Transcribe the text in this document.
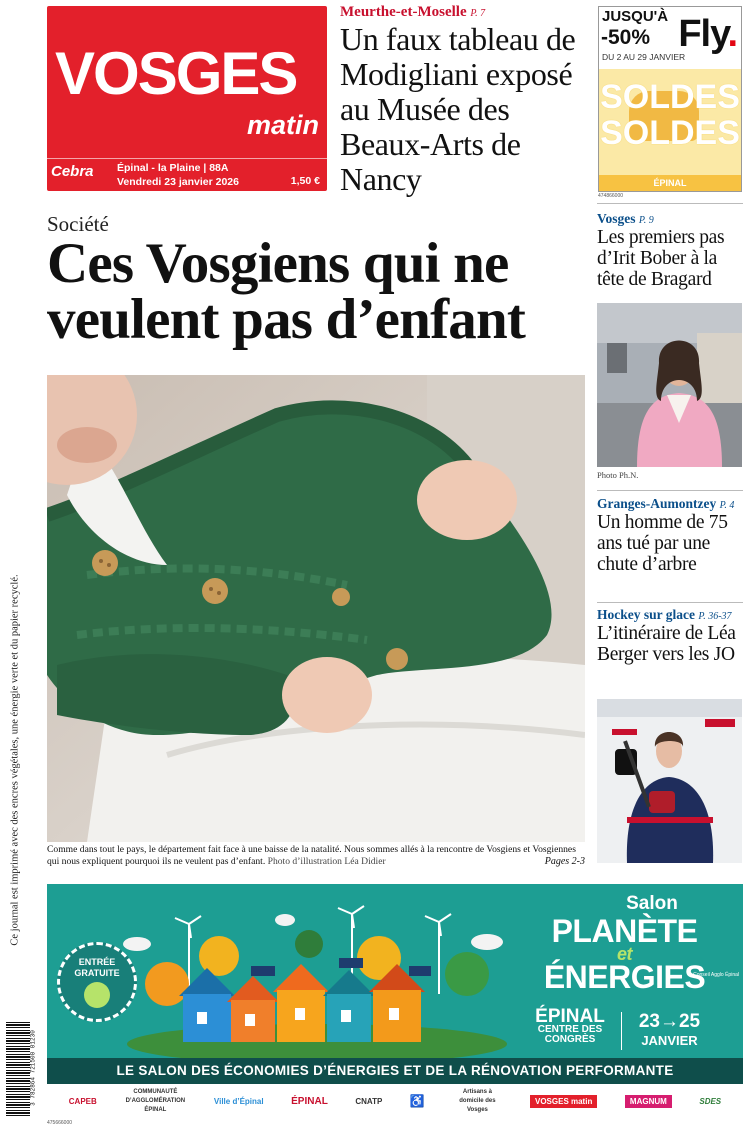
Ce journal est imprimé avec des encres végétales, une énergie verte et du papier recyclé.
3 782864 721500 01230
VOSGES
matin
Cebra	Épinal - la Plaine | 88A
Vendredi 23 janvier 2026	1,50 €
Meurthe-et-Moselle P. 7
Un faux tableau de Modigliani exposé au Musée des Beaux-Arts de Nancy
JUSQU'À
-50%
DU 2 AU 29 JANVIER
Fly.
SOLDES SOLDES
ÉPINAL
474866000
Société
Ces Vosgiens qui ne veulent pas d’enfant
Comme dans tout le pays, le département fait face à une baisse de la natalité. Nous sommes allés à la rencontre de Vosgiens et Vosgiennes qui nous expliquent pourquoi ils ne veulent pas d’enfant. Photo d’illustration Léa Didier	Pages 2-3
Vosges P. 9
Les premiers pas d’Irit Bober à la tête de Bragard
Photo Ph.N.
Granges-Aumontzey P. 4
Un homme de 75 ans tué par une chute d’arbre
Hockey sur glace P. 36-37
L’itinéraire de Léa Berger vers les JO
ENTRÉE GRATUITE
Salon
PLANÈTE
et
ÉNERGIES
ÉPINAL
CENTRE DES CONGRÈS
23→25
JANVIER
Conseil Agglo Épinal
LE SALON DES ÉCONOMIES D’ÉNERGIES ET DE LA RÉNOVATION PERFORMANTE
CAPEB
COMMUNAUTÉ D’AGGLOMÉRATION ÉPINAL
Ville d’Épinal	ÉPINAL	CNATP ♿
Artisans à domicile des Vosges
VOSGES matin	MAGNUM	SDES
475666000
